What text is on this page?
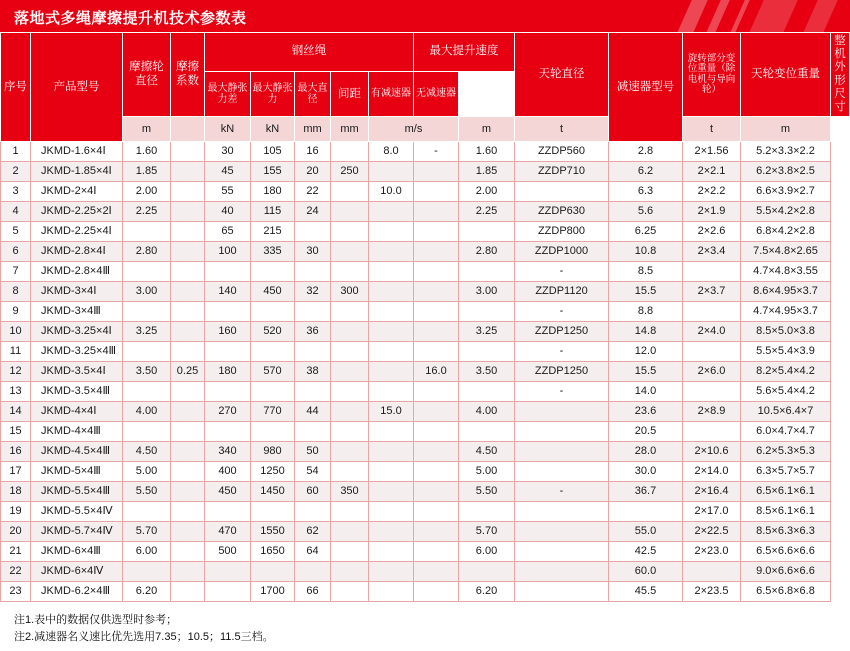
落地式多绳摩擦提升机技术参数表
序号	产品型号	摩擦轮直径	摩擦系数	钢丝绳					最大提升速度		天轮直径	减速器型号	旋转部分变位重量（除电机与导向轮）	天轮变位重量	整机外形尺寸
				最大静张力差	最大静张力	最大直径	间距	有减速器	无减速器						
		m		kN	kN	mm	mm	m/s		m	t		t	m	
1	JKMD-1.6×4Ⅰ	1.60		30	105	16		8.0	-	1.60	ZZDP560	2.8	2×1.56	5.2×3.3×2.2	
2	JKMD-1.85×4Ⅰ	1.85		45	155	20	250			1.85	ZZDP710	6.2	2×2.1	6.2×3.8×2.5	
3	JKMD-2×4Ⅰ	2.00		55	180	22		10.0		2.00		6.3	2×2.2	6.6×3.9×2.7	
4	JKMD-2.25×2Ⅰ	2.25		40	115	24				2.25	ZZDP630	5.6	2×1.9	5.5×4.2×2.8	
5	JKMD-2.25×4Ⅰ			65	215						ZZDP800	6.25	2×2.6	6.8×4.2×2.8	
6	JKMD-2.8×4Ⅰ	2.80		100	335	30				2.80	ZZDP1000	10.8	2×3.4	7.5×4.8×2.65	
7	JKMD-2.8×4Ⅲ										-	8.5		4.7×4.8×3.55	
8	JKMD-3×4Ⅰ	3.00		140	450	32	300			3.00	ZZDP1120	15.5	2×3.7	8.6×4.95×3.7	
9	JKMD-3×4Ⅲ										-	8.8		4.7×4.95×3.7	
10	JKMD-3.25×4Ⅰ	3.25		160	520	36				3.25	ZZDP1250	14.8	2×4.0	8.5×5.0×3.8	
11	JKMD-3.25×4Ⅲ										-	12.0		5.5×5.4×3.9	
12	JKMD-3.5×4Ⅰ	3.50	0.25	180	570	38			16.0	3.50	ZZDP1250	15.5	2×6.0	8.2×5.4×4.2	
13	JKMD-3.5×4Ⅲ										-	14.0		5.6×5.4×4.2	
14	JKMD-4×4Ⅰ	4.00		270	770	44		15.0		4.00		23.6	2×8.9	10.5×6.4×7	
15	JKMD-4×4Ⅲ											20.5		6.0×4.7×4.7	
16	JKMD-4.5×4Ⅲ	4.50		340	980	50				4.50		28.0	2×10.6	6.2×5.3×5.3	
17	JKMD-5×4Ⅲ	5.00		400	1250	54				5.00		30.0	2×14.0	6.3×5.7×5.7	
18	JKMD-5.5×4Ⅲ	5.50		450	1450	60	350			5.50	-	36.7	2×16.4	6.5×6.1×6.1	
19	JKMD-5.5×4Ⅳ												2×17.0	8.5×6.1×6.1	
20	JKMD-5.7×4Ⅳ	5.70		470	1550	62				5.70		55.0	2×22.5	8.5×6.3×6.3	
21	JKMD-6×4Ⅲ	6.00		500	1650	64				6.00		42.5	2×23.0	6.5×6.6×6.6	
22	JKMD-6×4Ⅳ											60.0		9.0×6.6×6.6	
23	JKMD-6.2×4Ⅲ	6.20			1700	66				6.20		45.5	2×23.5	6.5×6.8×6.8	
注1.表中的数据仅供选型时参考；
注2.减速器名义速比优先选用7.35；10.5；11.5三档。
